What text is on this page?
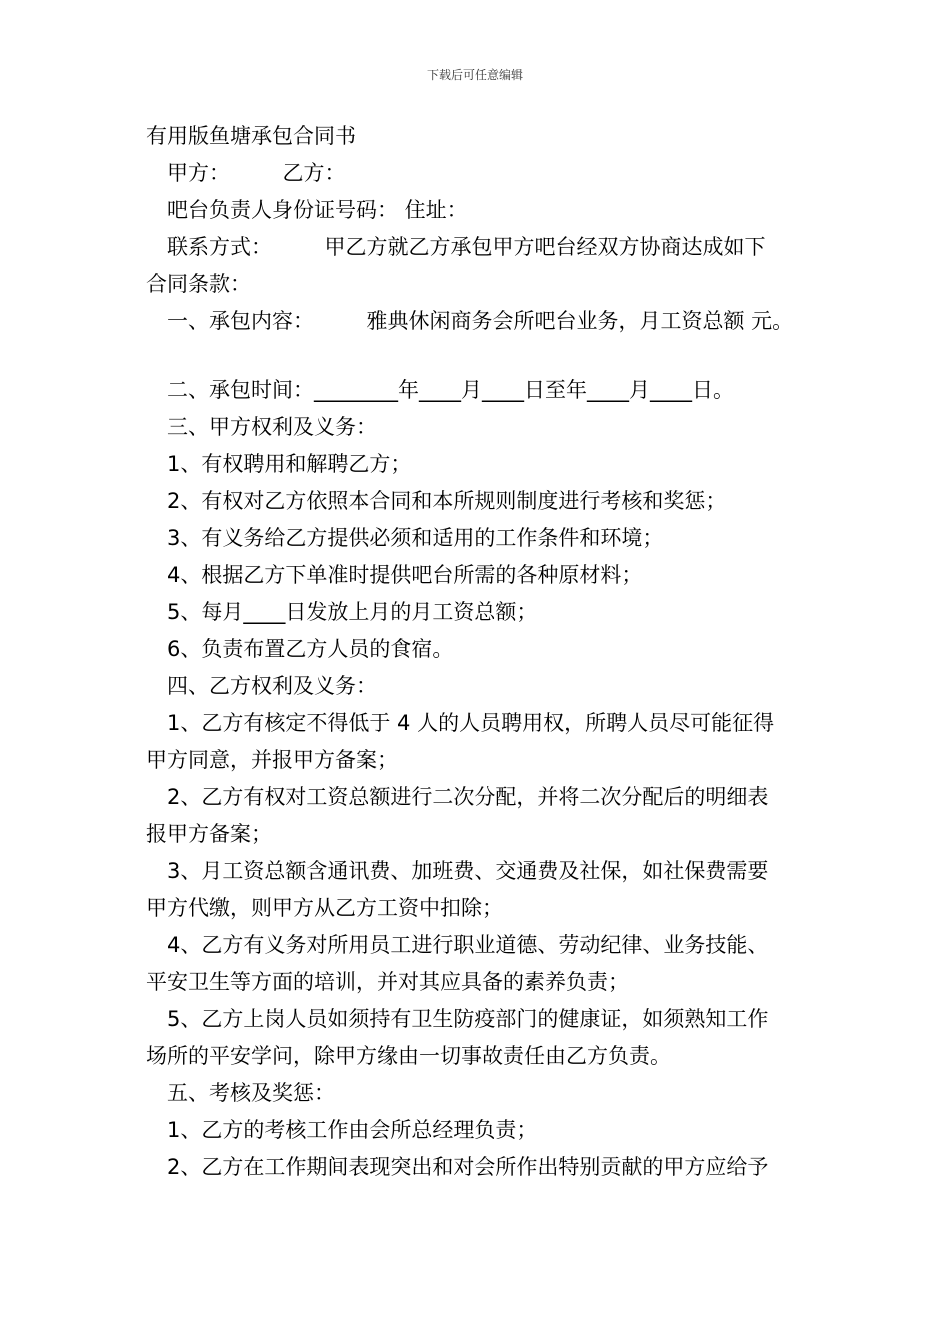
下载后可任意编辑
有用版鱼塘承包合同书
甲方：　　　乙方：
吧台负责人身份证号码： 住址：
联系方式：　　　甲乙方就乙方承包甲方吧台经双方协商达成如下
合同条款：
一、承包内容：　　　雅典休闲商务会所吧台业务，月工资总额 元。
二、承包时间：________年____月____日至年____月____日。
三、甲方权利及义务：
1、有权聘用和解聘乙方；
2、有权对乙方依照本合同和本所规则制度进行考核和奖惩；
3、有义务给乙方提供必须和适用的工作条件和环境；
4、根据乙方下单准时提供吧台所需的各种原材料；
5、每月____日发放上月的月工资总额；
6、负责布置乙方人员的食宿。
四、乙方权利及义务：
1、乙方有核定不得低于 4 人的人员聘用权，所聘人员尽可能征得
甲方同意，并报甲方备案；
2、乙方有权对工资总额进行二次分配，并将二次分配后的明细表
报甲方备案；
3、月工资总额含通讯费、加班费、交通费及社保，如社保费需要
甲方代缴，则甲方从乙方工资中扣除；
4、乙方有义务对所用员工进行职业道德、劳动纪律、业务技能、
平安卫生等方面的培训，并对其应具备的素养负责；
5、乙方上岗人员如须持有卫生防疫部门的健康证，如须熟知工作
场所的平安学问，除甲方缘由一切事故责任由乙方负责。
五、考核及奖惩：
1、乙方的考核工作由会所总经理负责；
2、乙方在工作期间表现突出和对会所作出特别贡献的甲方应给予
